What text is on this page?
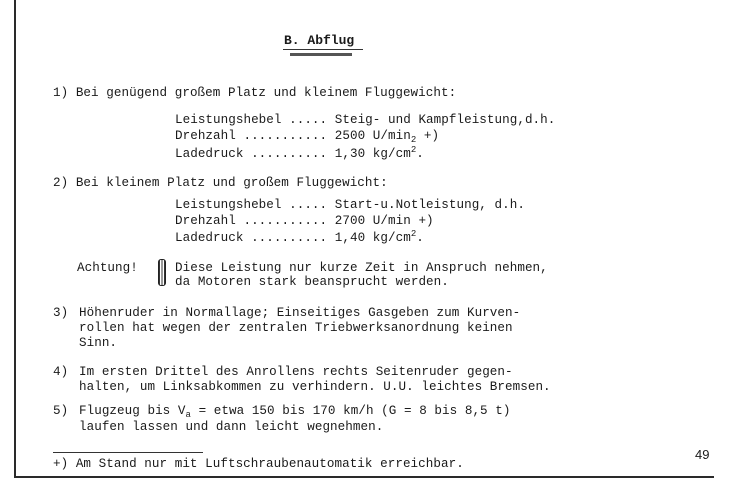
B. Abflug
1) Bei genügend großem Platz und kleinem Fluggewicht:
Leistungshebel ..... Steig- und Kampfleistung,d.h.
Drehzahl ........... 2500 $U/\min_2$ +)
Ladedruck .......... 1,30 $kg/cm^2$.
2) Bei kleinem Platz und großem Fluggewicht:
Leistungshebel ..... Start-u.Notleistung, d.h.
Drehzahl ........... 2700 U/min +)
Ladedruck .......... 1,40 $kg/cm^2$.
Achtung!	Diese Leistung nur kurze Zeit in Anspruch nehmen,
da Motoren stark beansprucht werden.
3) Höhenruder in Normallage; Einseitiges Gasgeben zum Kurven-
rollen hat wegen der zentralen Triebwerksanordnung keinen
Sinn.
4) Im ersten Drittel des Anrollens rechts Seitenruder gegen-
halten, um Linksabkommen zu verhindern. U.U. leichtes Bremsen.
5) Flugzeug bis $V_a$ = etwa 150 bis 170 km/h (G = 8 bis 8,5 t)
laufen lassen und dann leicht wegnehmen.
+) Am Stand nur mit Luftschraubenautomatik erreichbar.
49
